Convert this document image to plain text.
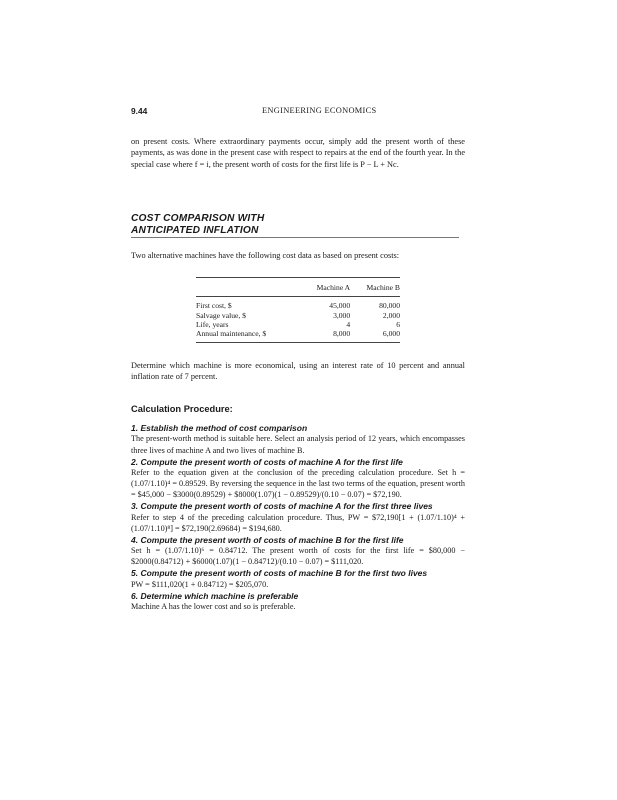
9.44	ENGINEERING ECONOMICS

on present costs. Where extraordinary payments occur, simply add the present worth of these payments, as was done in the present case with respect to repairs at the end of the fourth year. In the special case where f = i, the present worth of costs for the first life is P − L + Nc.

COST COMPARISON WITH
ANTICIPATED INFLATION

Two alternative machines have the following cost data as based on present costs:

	Machine A	Machine B
First cost, $	45,000	80,000
Salvage value, $	3,000	2,000
Life, years	4	6
Annual maintenance, $	8,000	6,000

Determine which machine is more economical, using an interest rate of 10 percent and annual inflation rate of 7 percent.

Calculation Procedure:
1. Establish the method of cost comparison

The present-worth method is suitable here. Select an analysis period of 12 years, which encompasses three lives of machine A and two lives of machine B.

2. Compute the present worth of costs of machine A for the first life

Refer to the equation given at the conclusion of the preceding calculation procedure. Set h = (1.07/1.10)⁴ = 0.89529. By reversing the sequence in the last two terms of the equation, present worth = $45,000 − $3000(0.89529) + $8000(1.07)(1 − 0.89529)/(0.10 − 0.07) = $72,190.

3. Compute the present worth of costs of machine A for the first three lives

Refer to step 4 of the preceding calculation procedure. Thus, PW = $72,190[1 + (1.07/1.10)⁴ + (1.07/1.10)⁸] = $72,190(2.69684) = $194,680.

4. Compute the present worth of costs of machine B for the first life

Set h = (1.07/1.10)⁶ = 0.84712. The present worth of costs for the first life = $80,000 − $2000(0.84712) + $6000(1.07)(1 − 0.84712)/(0.10 − 0.07) = $111,020.

5. Compute the present worth of costs of machine B for the first two lives

PW = $111,020(1 + 0.84712) = $205,070.

6. Determine which machine is preferable

Machine A has the lower cost and so is preferable.
